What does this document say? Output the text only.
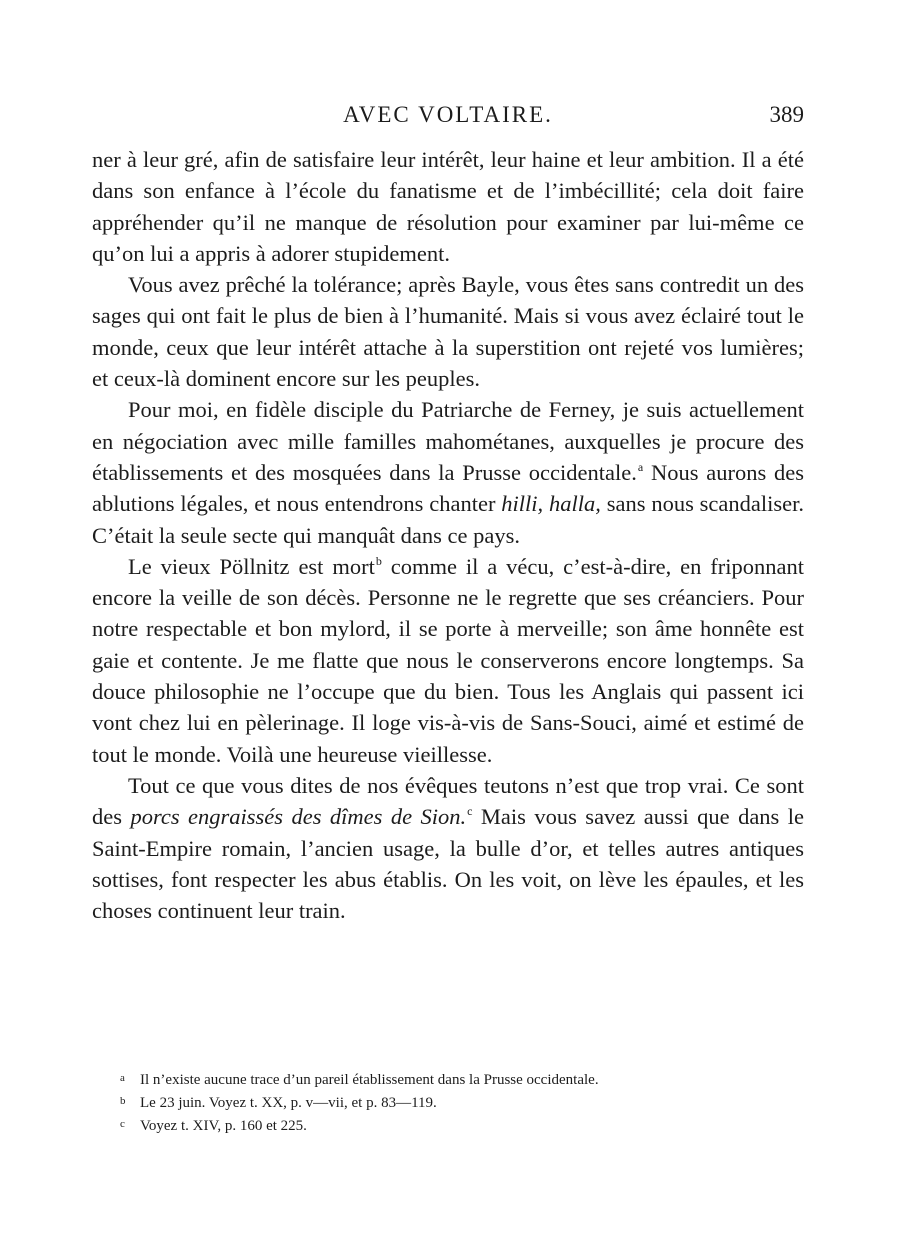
AVEC VOLTAIRE.	389

ner à leur gré, afin de satisfaire leur intérêt, leur haine et leur ambition. Il a été dans son enfance à l’école du fanatisme et de l’imbécillité; cela doit faire appréhender qu’il ne manque de résolution pour examiner par lui-même ce qu’on lui a appris à adorer stupidement.

Vous avez prêché la tolérance; après Bayle, vous êtes sans contredit un des sages qui ont fait le plus de bien à l’humanité. Mais si vous avez éclairé tout le monde, ceux que leur intérêt attache à la superstition ont rejeté vos lumières; et ceux-là dominent encore sur les peuples.

Pour moi, en fidèle disciple du Patriarche de Ferney, je suis actuellement en négociation avec mille familles mahométanes, auxquelles je procure des établissements et des mosquées dans la Prusse occidentale.$^a$ Nous aurons des ablutions légales, et nous entendrons chanter hilli, halla, sans nous scandaliser. C’était la seule secte qui manquât dans ce pays.

Le vieux Pöllnitz est mort$^b$ comme il a vécu, c’est-à-dire, en friponnant encore la veille de son décès. Personne ne le regrette que ses créanciers. Pour notre respectable et bon mylord, il se porte à merveille; son âme honnête est gaie et contente. Je me flatte que nous le conserverons encore longtemps. Sa douce philosophie ne l’occupe que du bien. Tous les Anglais qui passent ici vont chez lui en pèlerinage. Il loge vis-à-vis de Sans-Souci, aimé et estimé de tout le monde. Voilà une heureuse vieillesse.

Tout ce que vous dites de nos évêques teutons n’est que trop vrai. Ce sont des porcs engraissés des dîmes de Sion.$^c$ Mais vous savez aussi que dans le Saint-Empire romain, l’ancien usage, la bulle d’or, et telles autres antiques sottises, font respecter les abus établis. On les voit, on lève les épaules, et les choses continuent leur train.

a Il n’existe aucune trace d’un pareil établissement dans la Prusse occidentale.

b Le 23 juin. Voyez t. XX, p. v—vii, et p. 83—119.

c Voyez t. XIV, p. 160 et 225.
